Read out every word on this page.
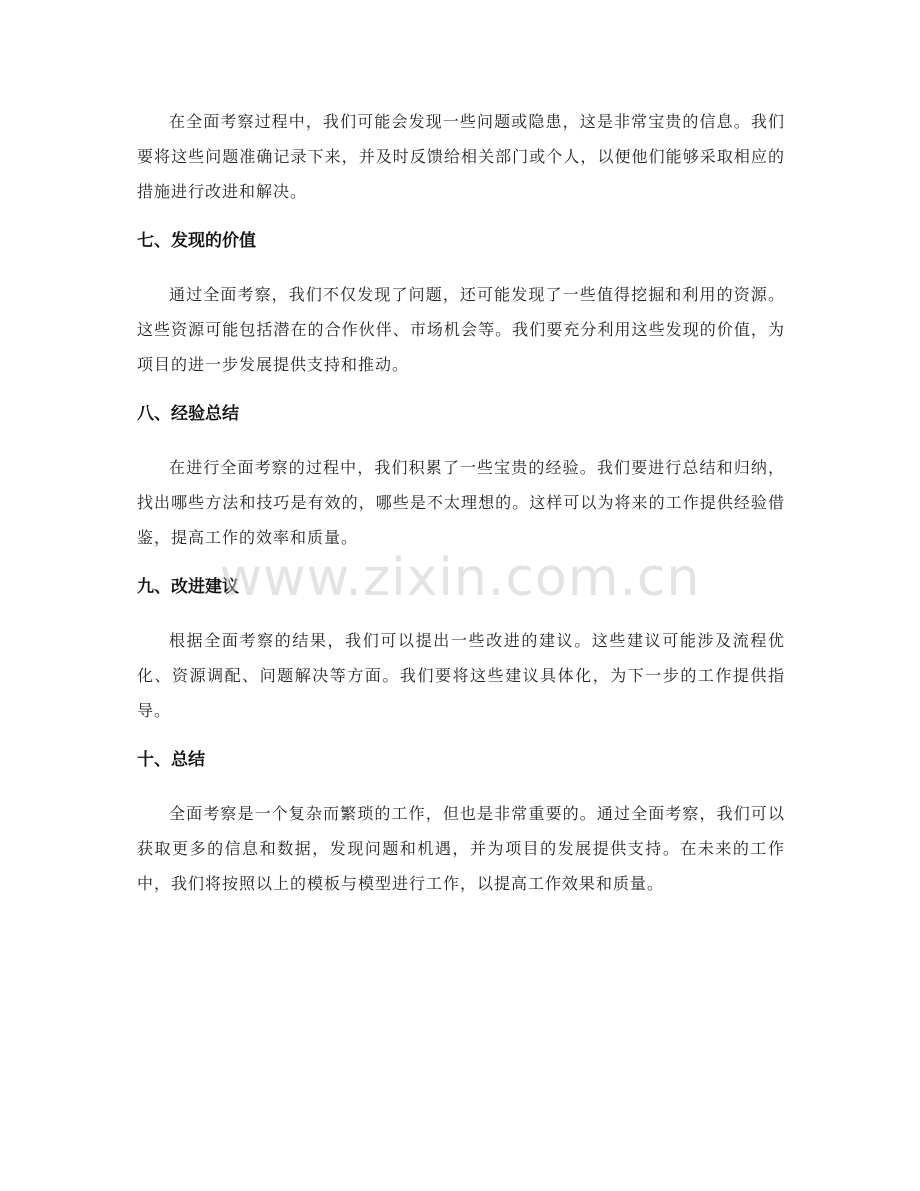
在全面考察过程中，我们可能会发现一些问题或隐患，这是非常宝贵的信息。我们要将这些问题准确记录下来，并及时反馈给相关部门或个人，以便他们能够采取相应的措施进行改进和解决。

七、发现的价值

通过全面考察，我们不仅发现了问题，还可能发现了一些值得挖掘和利用的资源。这些资源可能包括潜在的合作伙伴、市场机会等。我们要充分利用这些发现的价值，为项目的进一步发展提供支持和推动。

八、经验总结

在进行全面考察的过程中，我们积累了一些宝贵的经验。我们要进行总结和归纳，找出哪些方法和技巧是有效的，哪些是不太理想的。这样可以为将来的工作提供经验借鉴，提高工作的效率和质量。

九、改进建议

根据全面考察的结果，我们可以提出一些改进的建议。这些建议可能涉及流程优化、资源调配、问题解决等方面。我们要将这些建议具体化，为下一步的工作提供指导。

十、总结

全面考察是一个复杂而繁琐的工作，但也是非常重要的。通过全面考察，我们可以获取更多的信息和数据，发现问题和机遇，并为项目的发展提供支持。在未来的工作中，我们将按照以上的模板与模型进行工作，以提高工作效果和质量。

www.zixin.com.cn
